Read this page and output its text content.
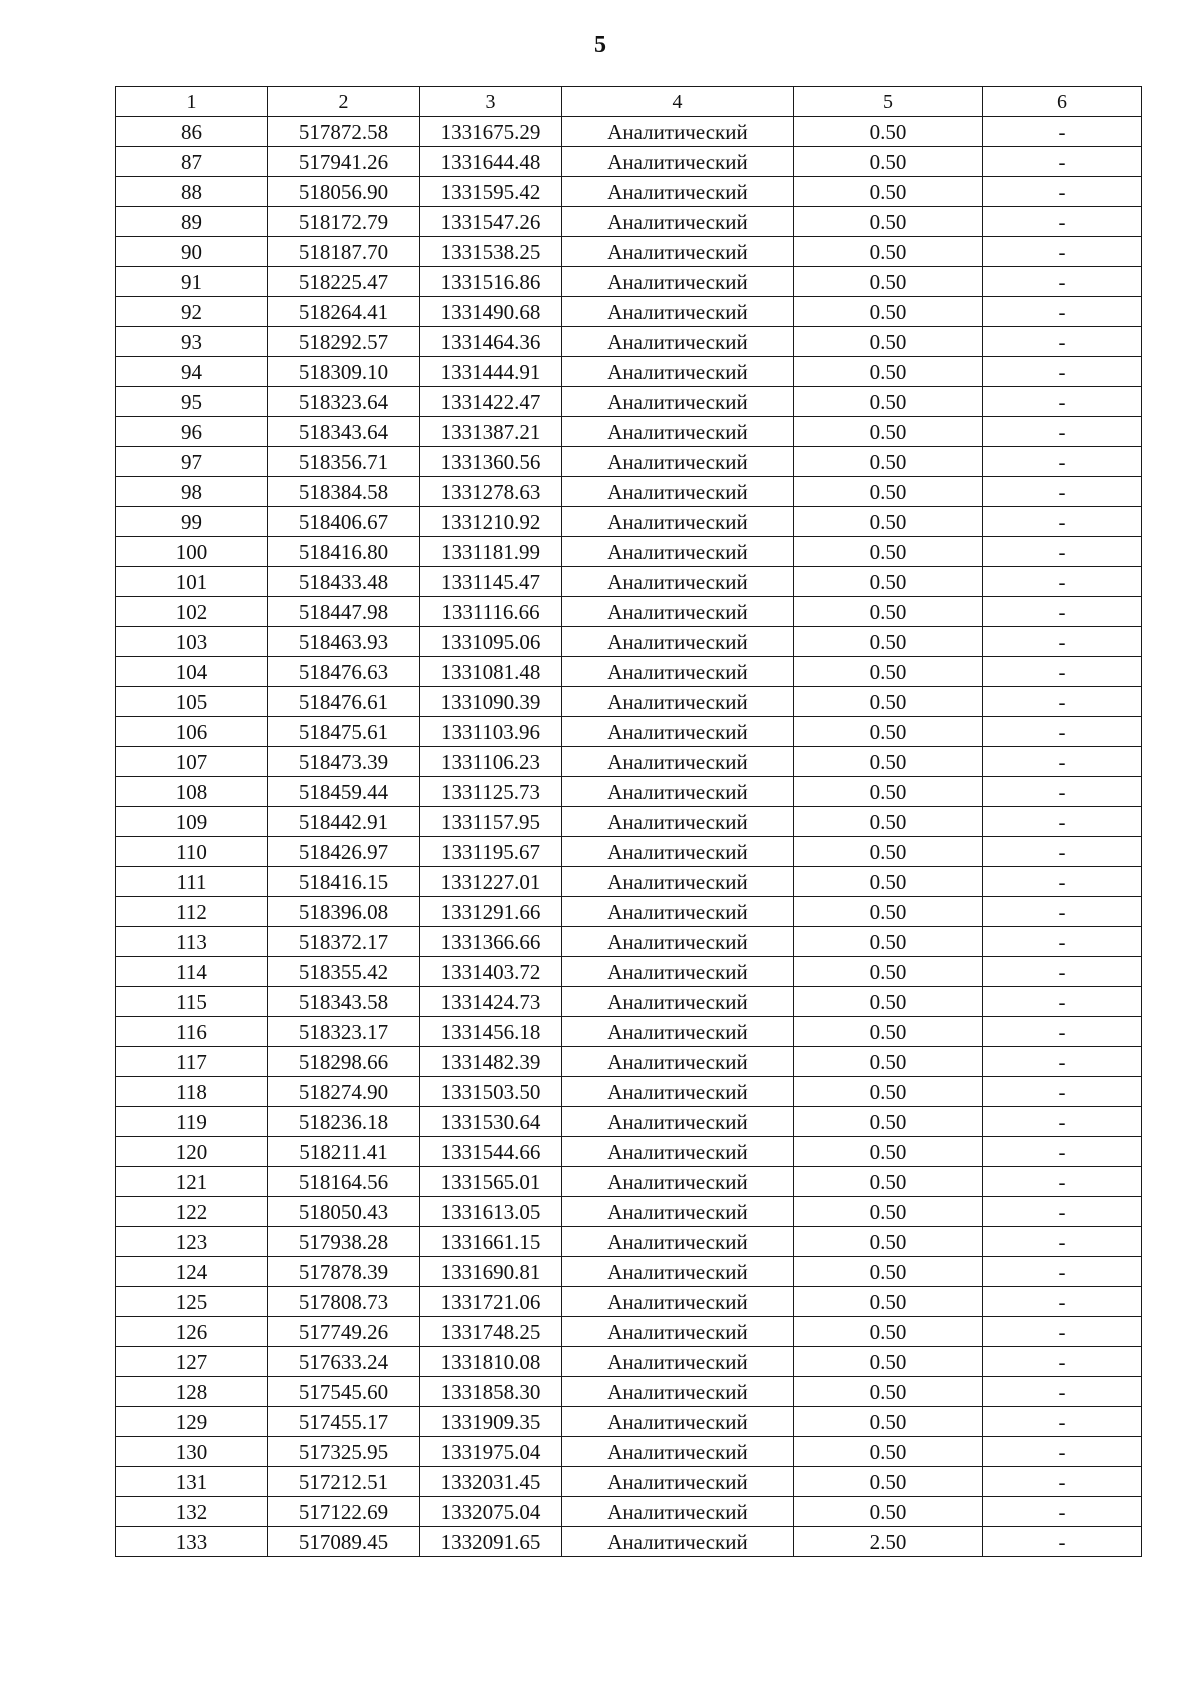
5
1	2	3	4	5	6
86	517872.58	1331675.29	Аналитический	0.50	-
87	517941.26	1331644.48	Аналитический	0.50	-
88	518056.90	1331595.42	Аналитический	0.50	-
89	518172.79	1331547.26	Аналитический	0.50	-
90	518187.70	1331538.25	Аналитический	0.50	-
91	518225.47	1331516.86	Аналитический	0.50	-
92	518264.41	1331490.68	Аналитический	0.50	-
93	518292.57	1331464.36	Аналитический	0.50	-
94	518309.10	1331444.91	Аналитический	0.50	-
95	518323.64	1331422.47	Аналитический	0.50	-
96	518343.64	1331387.21	Аналитический	0.50	-
97	518356.71	1331360.56	Аналитический	0.50	-
98	518384.58	1331278.63	Аналитический	0.50	-
99	518406.67	1331210.92	Аналитический	0.50	-
100	518416.80	1331181.99	Аналитический	0.50	-
101	518433.48	1331145.47	Аналитический	0.50	-
102	518447.98	1331116.66	Аналитический	0.50	-
103	518463.93	1331095.06	Аналитический	0.50	-
104	518476.63	1331081.48	Аналитический	0.50	-
105	518476.61	1331090.39	Аналитический	0.50	-
106	518475.61	1331103.96	Аналитический	0.50	-
107	518473.39	1331106.23	Аналитический	0.50	-
108	518459.44	1331125.73	Аналитический	0.50	-
109	518442.91	1331157.95	Аналитический	0.50	-
110	518426.97	1331195.67	Аналитический	0.50	-
111	518416.15	1331227.01	Аналитический	0.50	-
112	518396.08	1331291.66	Аналитический	0.50	-
113	518372.17	1331366.66	Аналитический	0.50	-
114	518355.42	1331403.72	Аналитический	0.50	-
115	518343.58	1331424.73	Аналитический	0.50	-
116	518323.17	1331456.18	Аналитический	0.50	-
117	518298.66	1331482.39	Аналитический	0.50	-
118	518274.90	1331503.50	Аналитический	0.50	-
119	518236.18	1331530.64	Аналитический	0.50	-
120	518211.41	1331544.66	Аналитический	0.50	-
121	518164.56	1331565.01	Аналитический	0.50	-
122	518050.43	1331613.05	Аналитический	0.50	-
123	517938.28	1331661.15	Аналитический	0.50	-
124	517878.39	1331690.81	Аналитический	0.50	-
125	517808.73	1331721.06	Аналитический	0.50	-
126	517749.26	1331748.25	Аналитический	0.50	-
127	517633.24	1331810.08	Аналитический	0.50	-
128	517545.60	1331858.30	Аналитический	0.50	-
129	517455.17	1331909.35	Аналитический	0.50	-
130	517325.95	1331975.04	Аналитический	0.50	-
131	517212.51	1332031.45	Аналитический	0.50	-
132	517122.69	1332075.04	Аналитический	0.50	-
133	517089.45	1332091.65	Аналитический	2.50	-
